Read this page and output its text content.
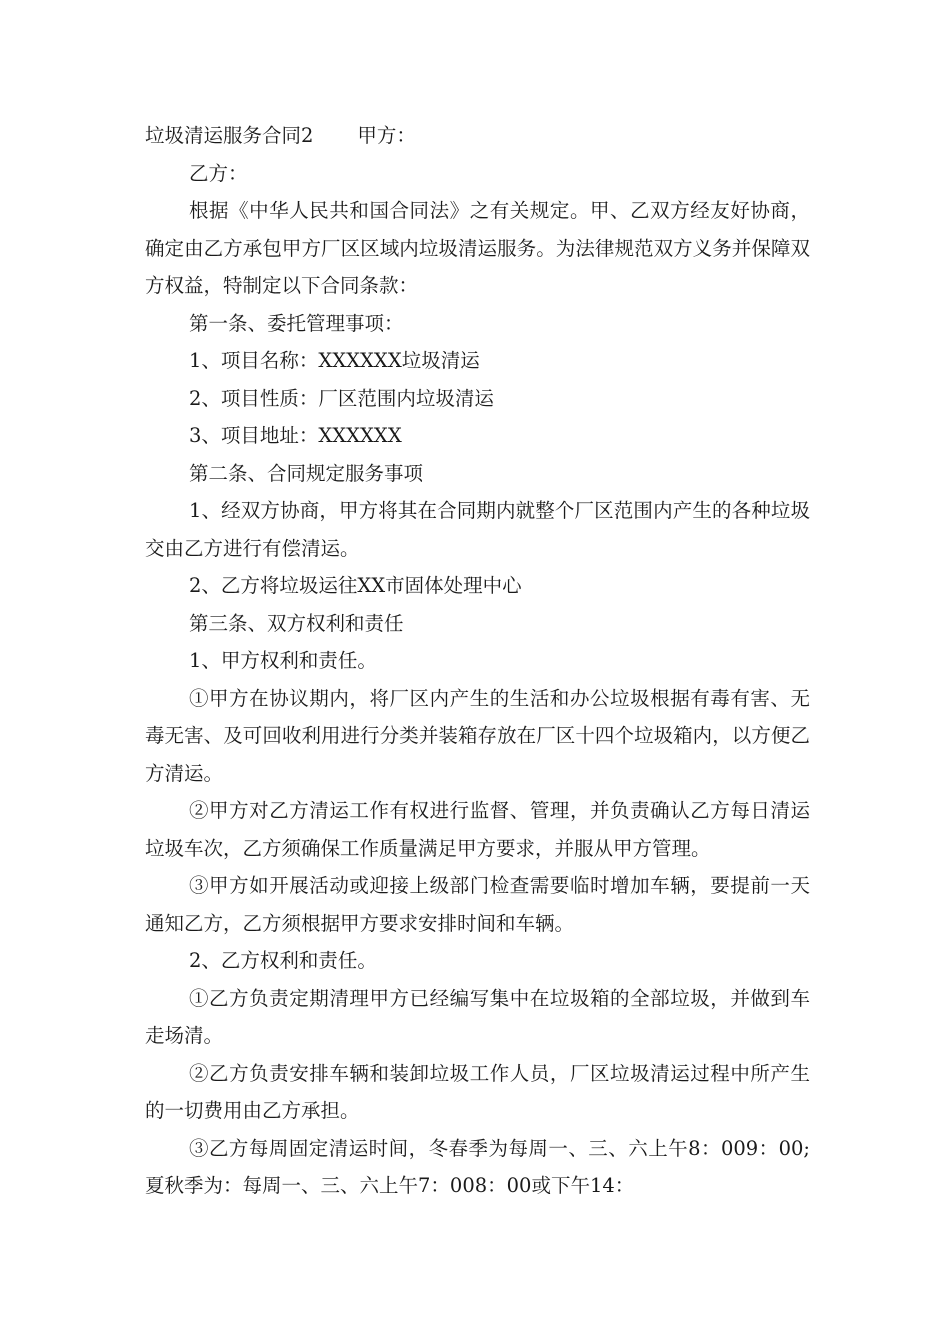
垃圾清运服务合同2 甲方：

乙方：

根据《中华人民共和国合同法》之有关规定。甲、乙双方经友好协商，确定由乙方承包甲方厂区区域内垃圾清运服务。为法律规范双方义务并保障双方权益，特制定以下合同条款：

第一条、委托管理事项：

1、项目名称：XXXXXX垃圾清运

2、项目性质：厂区范围内垃圾清运

3、项目地址：XXXXXX

第二条、合同规定服务事项

1、经双方协商，甲方将其在合同期内就整个厂区范围内产生的各种垃圾交由乙方进行有偿清运。

2、乙方将垃圾运往XX市固体处理中心

第三条、双方权利和责任

1、甲方权利和责任。

①甲方在协议期内，将厂区内产生的生活和办公垃圾根据有毒有害、无毒无害、及可回收利用进行分类并装箱存放在厂区十四个垃圾箱内，以方便乙方清运。

②甲方对乙方清运工作有权进行监督、管理，并负责确认乙方每日清运垃圾车次，乙方须确保工作质量满足甲方要求，并服从甲方管理。

③甲方如开展活动或迎接上级部门检查需要临时增加车辆，要提前一天通知乙方，乙方须根据甲方要求安排时间和车辆。

2、乙方权利和责任。

①乙方负责定期清理甲方已经编写集中在垃圾箱的全部垃圾，并做到车走场清。

②乙方负责安排车辆和装卸垃圾工作人员，厂区垃圾清运过程中所产生的一切费用由乙方承担。

③乙方每周固定清运时间，冬春季为每周一、三、六上午8：009：00;夏秋季为：每周一、三、六上午7：008：00或下午14：
